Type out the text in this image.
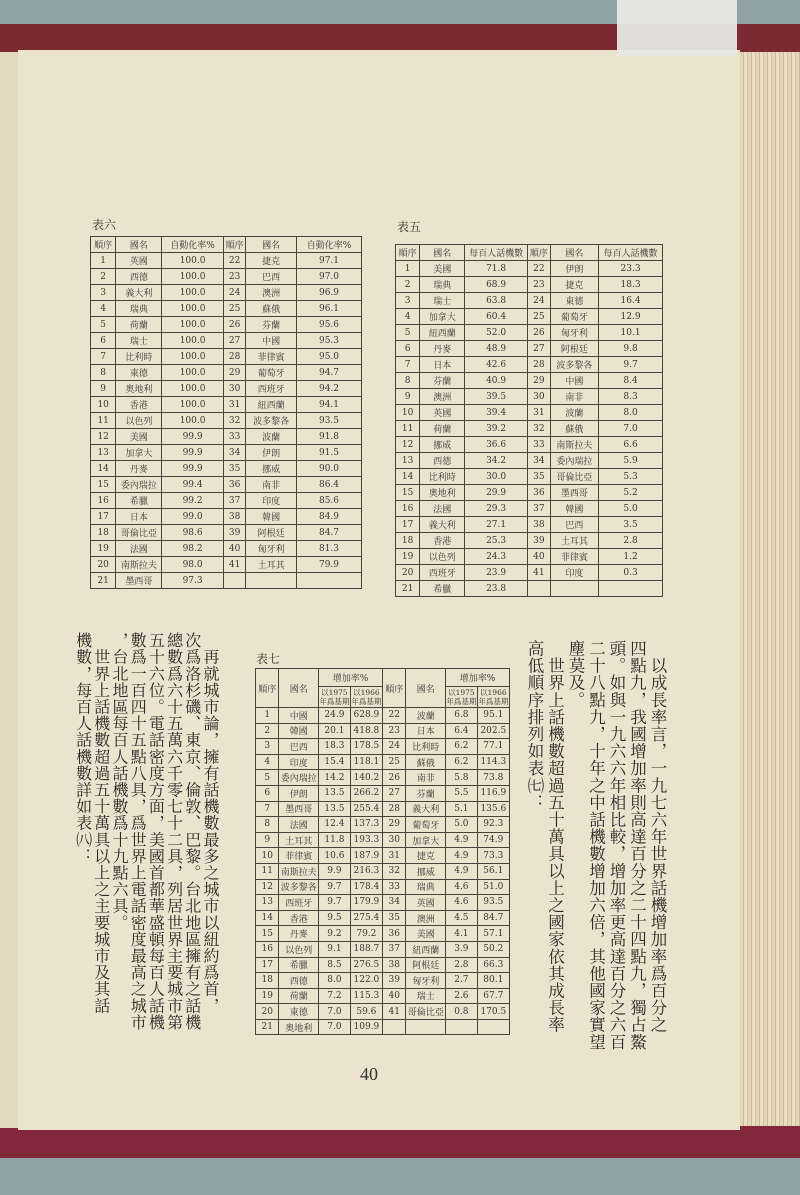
表六
順序	國名	自動化率%	順序	國名	自動化率%
1	英國	100.0	22	捷克	97.1
2	西德	100.0	23	巴西	97.0
3	義大利	100.0	24	澳洲	96.9
4	瑞典	100.0	25	蘇俄	96.1
5	荷蘭	100.0	26	芬蘭	95.6
6	瑞士	100.0	27	中國	95.3
7	比利時	100.0	28	菲律賓	95.0
8	東德	100.0	29	葡萄牙	94.7
9	奧地利	100.0	30	西班牙	94.2
10	香港	100.0	31	紐西蘭	94.1
11	以色列	100.0	32	波多黎各	93.5
12	美國	99.9	33	波蘭	91.8
13	加拿大	99.9	34	伊朗	91.5
14	丹麥	99.9	35	挪威	90.0
15	委內瑞拉	99.4	36	南非	86.4
16	希臘	99.2	37	印度	85.6
17	日本	99.0	38	韓國	84.9
18	哥倫比亞	98.6	39	阿根廷	84.7
19	法國	98.2	40	匈牙利	81.3
20	南斯拉夫	98.0	41	土耳其	79.9
21	墨西哥	97.3			
表五
順序	國名	每百人話機數	順序	國名	每百人話機數
1	美國	71.8	22	伊朗	23.3
2	瑞典	68.9	23	捷克	18.3
3	瑞士	63.8	24	東德	16.4
4	加拿大	60.4	25	葡萄牙	12.9
5	紐西蘭	52.0	26	匈牙利	10.1
6	丹麥	48.9	27	阿根廷	9.8
7	日本	42.6	28	波多黎各	9.7
8	芬蘭	40.9	29	中國	8.4
9	澳洲	39.5	30	南非	8.3
10	英國	39.4	31	波蘭	8.0
11	荷蘭	39.2	32	蘇俄	7.0
12	挪威	36.6	33	南斯拉夫	6.6
13	西德	34.2	34	委內瑞拉	5.9
14	比利時	30.0	35	哥倫比亞	5.3
15	奧地利	29.9	36	墨西哥	5.2
16	法國	29.3	37	韓國	5.0
17	義大利	27.1	38	巴西	3.5
18	香港	25.3	39	土耳其	2.8
19	以色列	24.3	40	菲律賓	1.2
20	西班牙	23.9	41	印度	0.3
21	希臘	23.8			
表七
順序	國名	增加率%		順序	國名	增加率%	
		以1975年爲基期	以1966年爲基期			以1975年爲基期	以1966年爲基期
1	中國	24.9	628.9	22	波蘭	6.8	95.1
2	韓國	20.1	418.8	23	日本	6.4	202.5
3	巴西	18.3	178.5	24	比利時	6.2	77.1
4	印度	15.4	118.1	25	蘇俄	6.2	114.3
5	委內瑞拉	14.2	140.2	26	南非	5.8	73.8
6	伊朗	13.5	266.2	27	芬蘭	5.5	116.9
7	墨西哥	13.5	255.4	28	義大利	5.1	135.6
8	法國	12.4	137.3	29	葡萄牙	5.0	92.3
9	土耳其	11.8	193.3	30	加拿大	4.9	74.9
10	菲律賓	10.6	187.9	31	捷克	4.9	73.3
11	南斯拉夫	9.9	216.3	32	挪威	4.9	56.1
12	波多黎各	9.7	178.4	33	瑞典	4.6	51.0
13	西班牙	9.7	179.9	34	英國	4.6	93.5
14	香港	9.5	275.4	35	澳洲	4.5	84.7
15	丹麥	9.2	79.2	36	美國	4.1	57.1
16	以色列	9.1	188.7	37	紐西蘭	3.9	50.2
17	希臘	8.5	276.5	38	阿根廷	2.8	66.3
18	西德	8.0	122.0	39	匈牙利	2.7	80.1
19	荷蘭	7.2	115.3	40	瑞士	2.6	67.7
20	東德	7.0	59.6	41	哥倫比亞	0.8	170.5
21	奧地利	7.0	109.9					　以成長率言，一九七六年世界話機增加率爲百分之
四點九，我國增加率則高達百分之二十四點九，獨占鰲
頭。如與一九六六年相比較，增加率更高達百分之六百
二十八點九，十年之中話機數增加六倍，其他國家實望
塵莫及。
　世界上話機數超過五十萬具以上之國家依其成長率
高低順序排列如表㈦：
　再就城市論，擁有話機數最多之城市以紐約爲首，
次爲洛杉磯、東京、倫敦、巴黎。台北地區擁有之話機
總數爲六十五萬六千零七十二具，列居世界主要城市第
五十六位。電話密度方面，美國首都華盛頓每百人話機
數爲一百四十五點八具，爲世界上電話密度最高之城市
，台北地區每百人話機數爲十九點六具。
　世界上話機數超過五十萬具以上之主要城市及其話
機數，每百人話機數詳如表㈧：
40
